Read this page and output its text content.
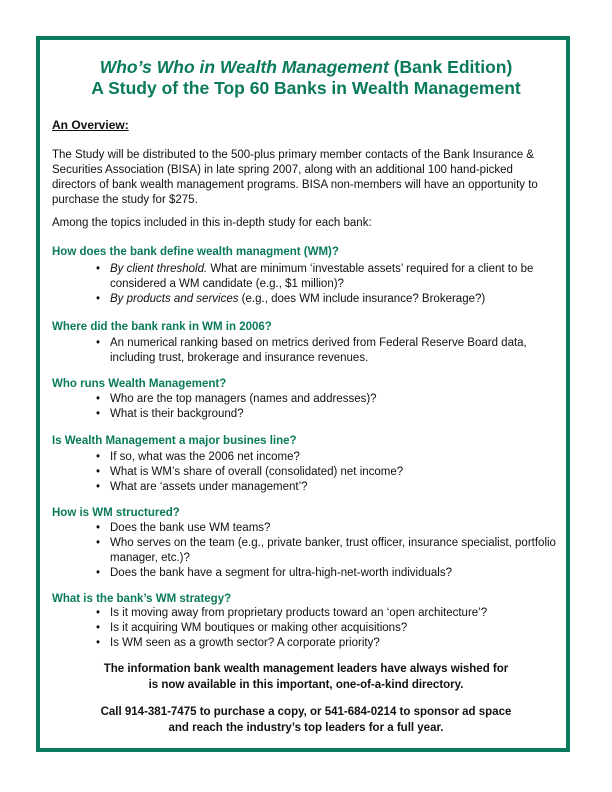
Who’s Who in Wealth Management (Bank Edition)
A Study of the Top 60 Banks in Wealth Management
An Overview:
The Study will be distributed to the 500-plus primary member contacts of the Bank Insurance & Securities Association (BISA) in late spring 2007, along with an additional 100 hand-picked directors of bank wealth management programs. BISA non-members will have an opportunity to purchase the study for $275.
Among the topics included in this in-depth study for each bank:
How does the bank define wealth managment (WM)?
• By client threshold. What are minimum ‘investable assets’ required for a client to be considered a WM candidate (e.g., $1 million)?
• By products and services (e.g., does WM include insurance? Brokerage?)
Where did the bank rank in WM in 2006?
• An numerical ranking based on metrics derived from Federal Reserve Board data, including trust, brokerage and insurance revenues.
Who runs Wealth Management?
• Who are the top managers (names and addresses)?
• What is their background?
Is Wealth Management a major busines line?
• If so, what was the 2006 net income?
• What is WM’s share of overall (consolidated) net income?
• What are ‘assets under management’?
How is WM structured?
• Does the bank use WM teams?
• Who serves on the team (e.g., private banker, trust officer, insurance specialist, portfolio manager, etc.)?
• Does the bank have a segment for ultra-high-net-worth individuals?
What is the bank’s WM strategy?
• Is it moving away from proprietary products toward an ‘open architecture’?
• Is it acquiring WM boutiques or making other acquisitions?
• Is WM seen as a growth sector? A corporate priority?
The information bank wealth management leaders have always wished for
is now available in this important, one-of-a-kind directory.
Call 914-381-7475 to purchase a copy, or 541-684-0214 to sponsor ad space
and reach the industry’s top leaders for a full year.
